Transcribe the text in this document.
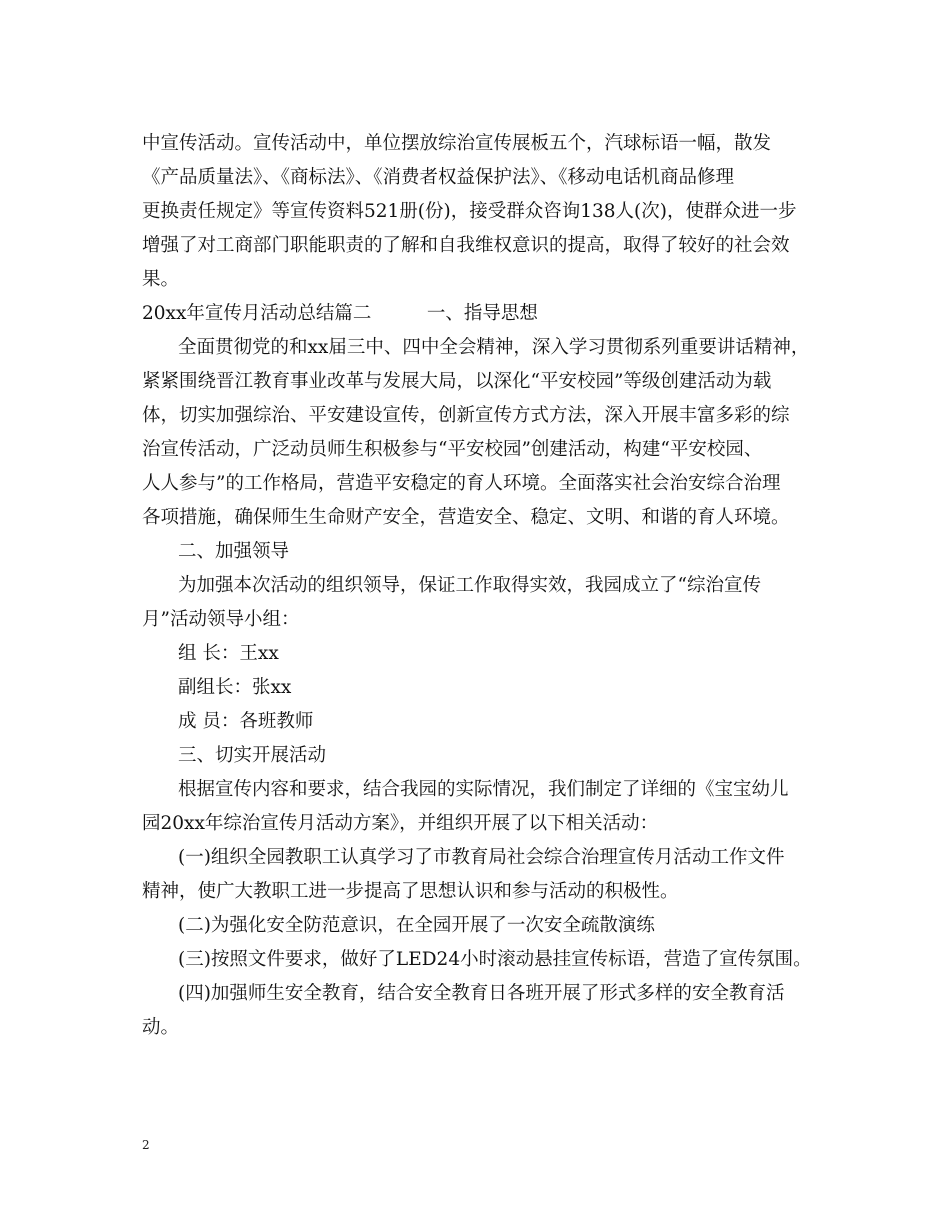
中宣传活动。宣传活动中，单位摆放综治宣传展板五个，汽球标语一幅，散发
《产品质量法》、《商标法》、《消费者权益保护法》、《移动电话机商品修理
更换责任规定》等宣传资料521册(份)，接受群众咨询138人(次)，使群众进一步
增强了对工商部门职能职责的了解和自我维权意识的提高，取得了较好的社会效
果。
20xx年宣传月活动总结篇二　　　一、指导思想
全面贯彻党的和xx届三中、四中全会精神，深入学习贯彻系列重要讲话精神，
紧紧围绕晋江教育事业改革与发展大局，以深化“平安校园”等级创建活动为载
体，切实加强综治、平安建设宣传，创新宣传方式方法，深入开展丰富多彩的综
治宣传活动，广泛动员师生积极参与“平安校园”创建活动，构建“平安校园、
人人参与”的工作格局，营造平安稳定的育人环境。全面落实社会治安综合治理
各项措施，确保师生生命财产安全，营造安全、稳定、文明、和谐的育人环境。
二、加强领导
为加强本次活动的组织领导，保证工作取得实效，我园成立了“综治宣传
月”活动领导小组：
组 长：王xx
副组长：张xx
成 员：各班教师
三、切实开展活动
根据宣传内容和要求，结合我园的实际情况，我们制定了详细的《宝宝幼儿
园20xx年综治宣传月活动方案》，并组织开展了以下相关活动：
(一)组织全园教职工认真学习了市教育局社会综合治理宣传月活动工作文件
精神，使广大教职工进一步提高了思想认识和参与活动的积极性。
(二)为强化安全防范意识，在全园开展了一次安全疏散演练
(三)按照文件要求，做好了LED24小时滚动悬挂宣传标语，营造了宣传氛围。
(四)加强师生安全教育，结合安全教育日各班开展了形式多样的安全教育活
动。
2
